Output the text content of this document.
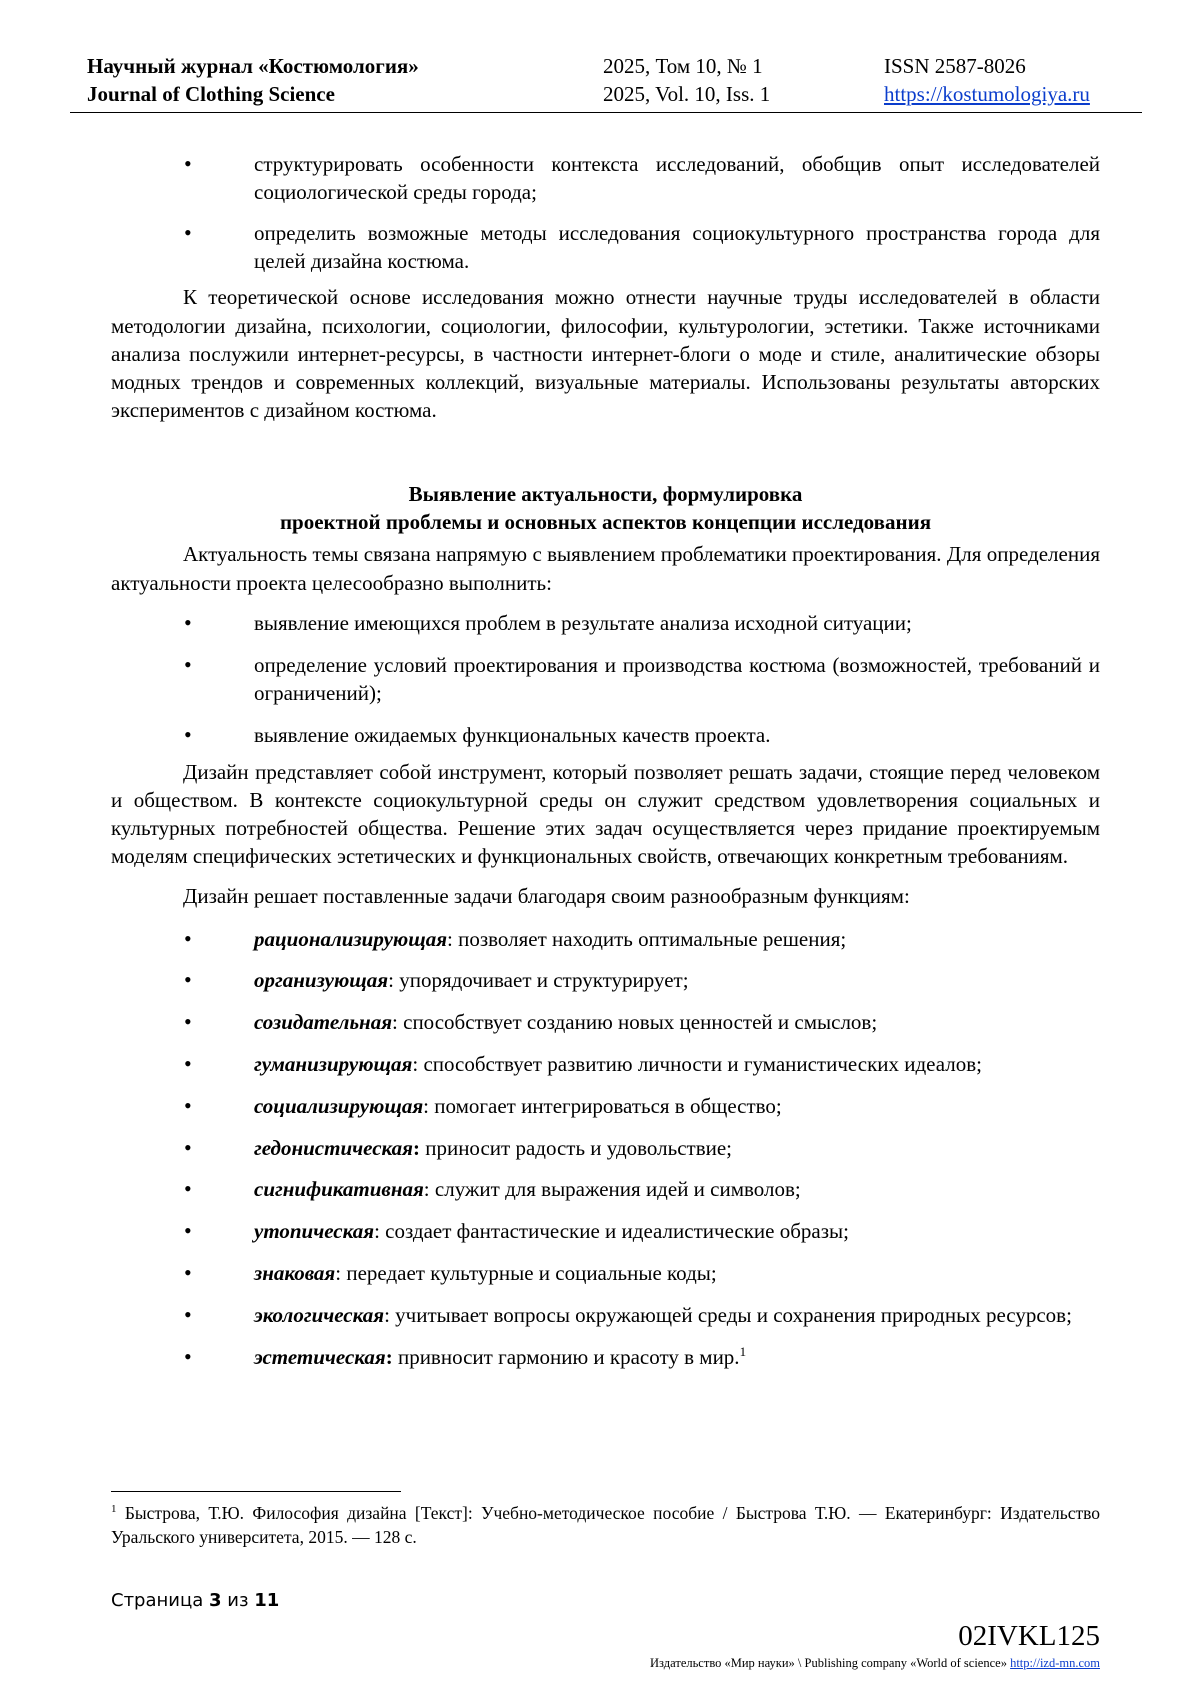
Научный журнал «Костюмология»
Journal of Clothing Science
2025, Том 10, № 1
2025, Vol. 10, Iss. 1
ISSN 2587-8026
https://kostumologiya.ru
• структурировать особенности контекста исследований, обобщив опыт исследователей социологической среды города;
• определить возможные методы исследования социокультурного пространства города для целей дизайна костюма.

К теоретической основе исследования можно отнести научные труды исследователей в области методологии дизайна, психологии, социологии, философии, культурологии, эстетики. Также источниками анализа послужили интернет-ресурсы, в частности интернет-блоги о моде и стиле, аналитические обзоры модных трендов и современных коллекций, визуальные материалы. Использованы результаты авторских экспериментов с дизайном костюма.

Выявление актуальности, формулировка
проектной проблемы и основных аспектов концепции исследования

Актуальность темы связана напрямую с выявлением проблематики проектирования. Для определения актуальности проекта целесообразно выполнить:

• выявление имеющихся проблем в результате анализа исходной ситуации;
• определение условий проектирования и производства костюма (возможностей, требований и ограничений);
• выявление ожидаемых функциональных качеств проекта.

Дизайн представляет собой инструмент, который позволяет решать задачи, стоящие перед человеком и обществом. В контексте социокультурной среды он служит средством удовлетворения социальных и культурных потребностей общества. Решение этих задач осуществляется через придание проектируемым моделям специфических эстетических и функциональных свойств, отвечающих конкретным требованиям.

Дизайн решает поставленные задачи благодаря своим разнообразным функциям:

• рационализирующая: позволяет находить оптимальные решения;
• организующая: упорядочивает и структурирует;
• созидательная: способствует созданию новых ценностей и смыслов;
• гуманизирующая: способствует развитию личности и гуманистических идеалов;
• социализирующая: помогает интегрироваться в общество;
• гедонистическая: приносит радость и удовольствие;
• сигнификативная: служит для выражения идей и символов;
• утопическая: создает фантастические и идеалистические образы;
• знаковая: передает культурные и социальные коды;
• экологическая: учитывает вопросы окружающей среды и сохранения природных ресурсов;
• эстетическая: привносит гармонию и красоту в мир.$^1$
$^1$ Быстрова, Т.Ю. Философия дизайна [Текст]: Учебно-методическое пособие / Быстрова Т.Ю. — Екатеринбург: Издательство Уральского университета, 2015. — 128 с.
Страница 3 из 11
02IVKL125
Издательство «Мир науки» \ Publishing company «World of science» http://izd-mn.com
